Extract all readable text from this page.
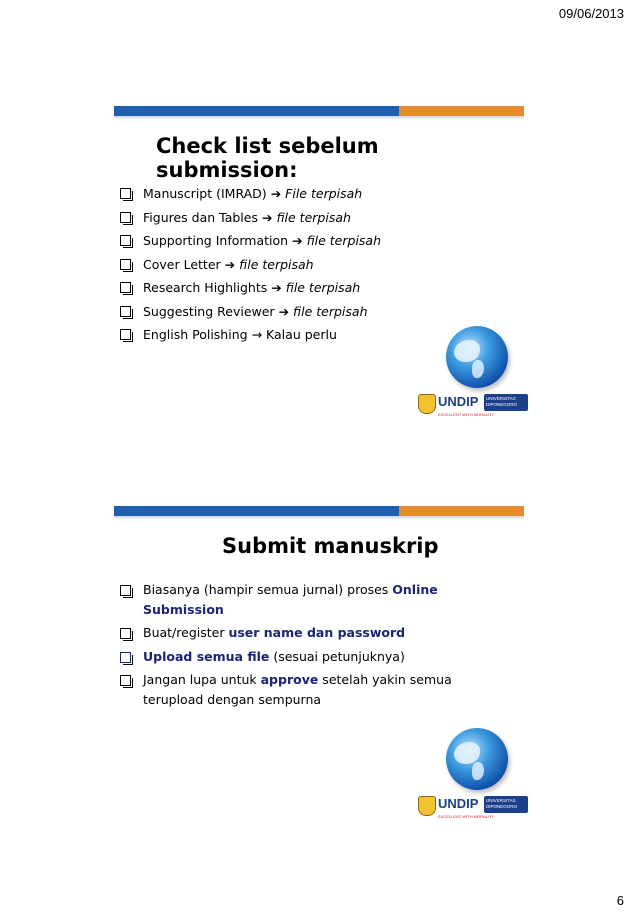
09/06/2013
Check list sebelum submission:
Manuscript (IMRAD) ➔ File terpisah
Figures dan Tables ➔ file terpisah
Supporting Information ➔ file terpisah
Cover Letter ➔ file terpisah
Research Highlights ➔ file terpisah
Suggesting Reviewer ➔ file terpisah
English Polishing → Kalau perlu
UNDIP	UNIVERSITAS DIPONEGORO
EXCELLENT WITH MORALITY
Submit manuskrip
Biasanya (hampir semua jurnal) proses Online
Submission
Buat/register user name dan password
Upload semua file (sesuai petunjuknya)
Jangan lupa untuk approve setelah yakin semua
terupload dengan sempurna
UNDIP	UNIVERSITAS DIPONEGORO
EXCELLENT WITH MORALITY
6
